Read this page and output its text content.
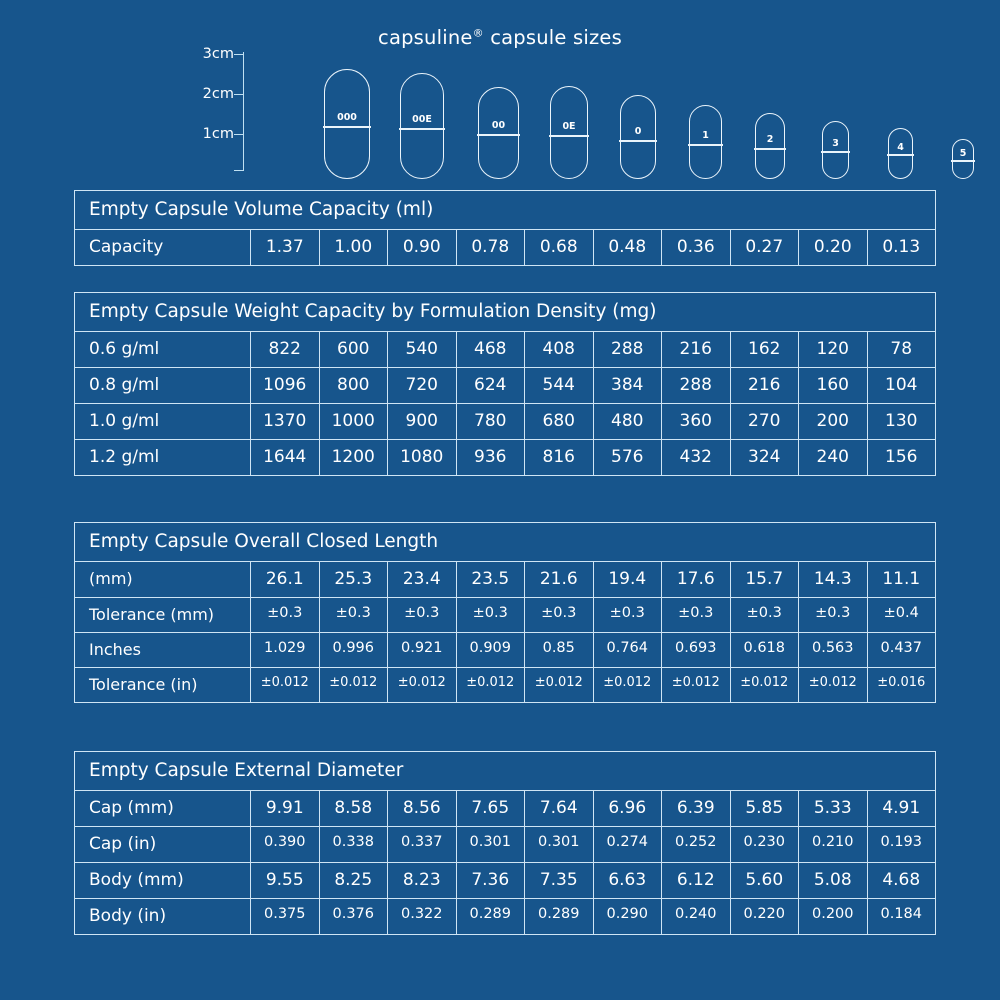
capsuline® capsule sizes
3cm
2cm
1cm
000	00E
00	0E	0	1	2	3	4
5
Empty Capsule Volume Capacity (ml)
Capacity	1.37	1.00	0.90	0.78	0.68	0.48	0.36	0.27	0.20	0.13
Empty Capsule Weight Capacity by Formulation Density (mg)
0.6 g/ml	822	600	540	468	408	288	216	162	120	78
0.8 g/ml	1096	800	720	624	544	384	288	216	160	104
1.0 g/ml	1370	1000	900	780	680	480	360	270	200	130
1.2 g/ml	1644	1200	1080	936	816	576	432	324	240	156
Empty Capsule Overall Closed Length
(mm)	26.1	25.3	23.4	23.5	21.6	19.4	17.6	15.7	14.3	11.1
Tolerance (mm)	±0.3	±0.3	±0.3	±0.3	±0.3	±0.3	±0.3	±0.3	±0.3	±0.4
Inches	1.029	0.996	0.921	0.909	0.85	0.764	0.693	0.618	0.563	0.437
Tolerance (in)	±0.012	±0.012	±0.012	±0.012	±0.012	±0.012	±0.012	±0.012	±0.012	±0.016
Empty Capsule External Diameter
Cap (mm)	9.91	8.58	8.56	7.65	7.64	6.96	6.39	5.85	5.33	4.91
Cap (in)	0.390	0.338	0.337	0.301	0.301	0.274	0.252	0.230	0.210	0.193
Body (mm)	9.55	8.25	8.23	7.36	7.35	6.63	6.12	5.60	5.08	4.68
Body (in)	0.375	0.376	0.322	0.289	0.289	0.290	0.240	0.220	0.200	0.184
